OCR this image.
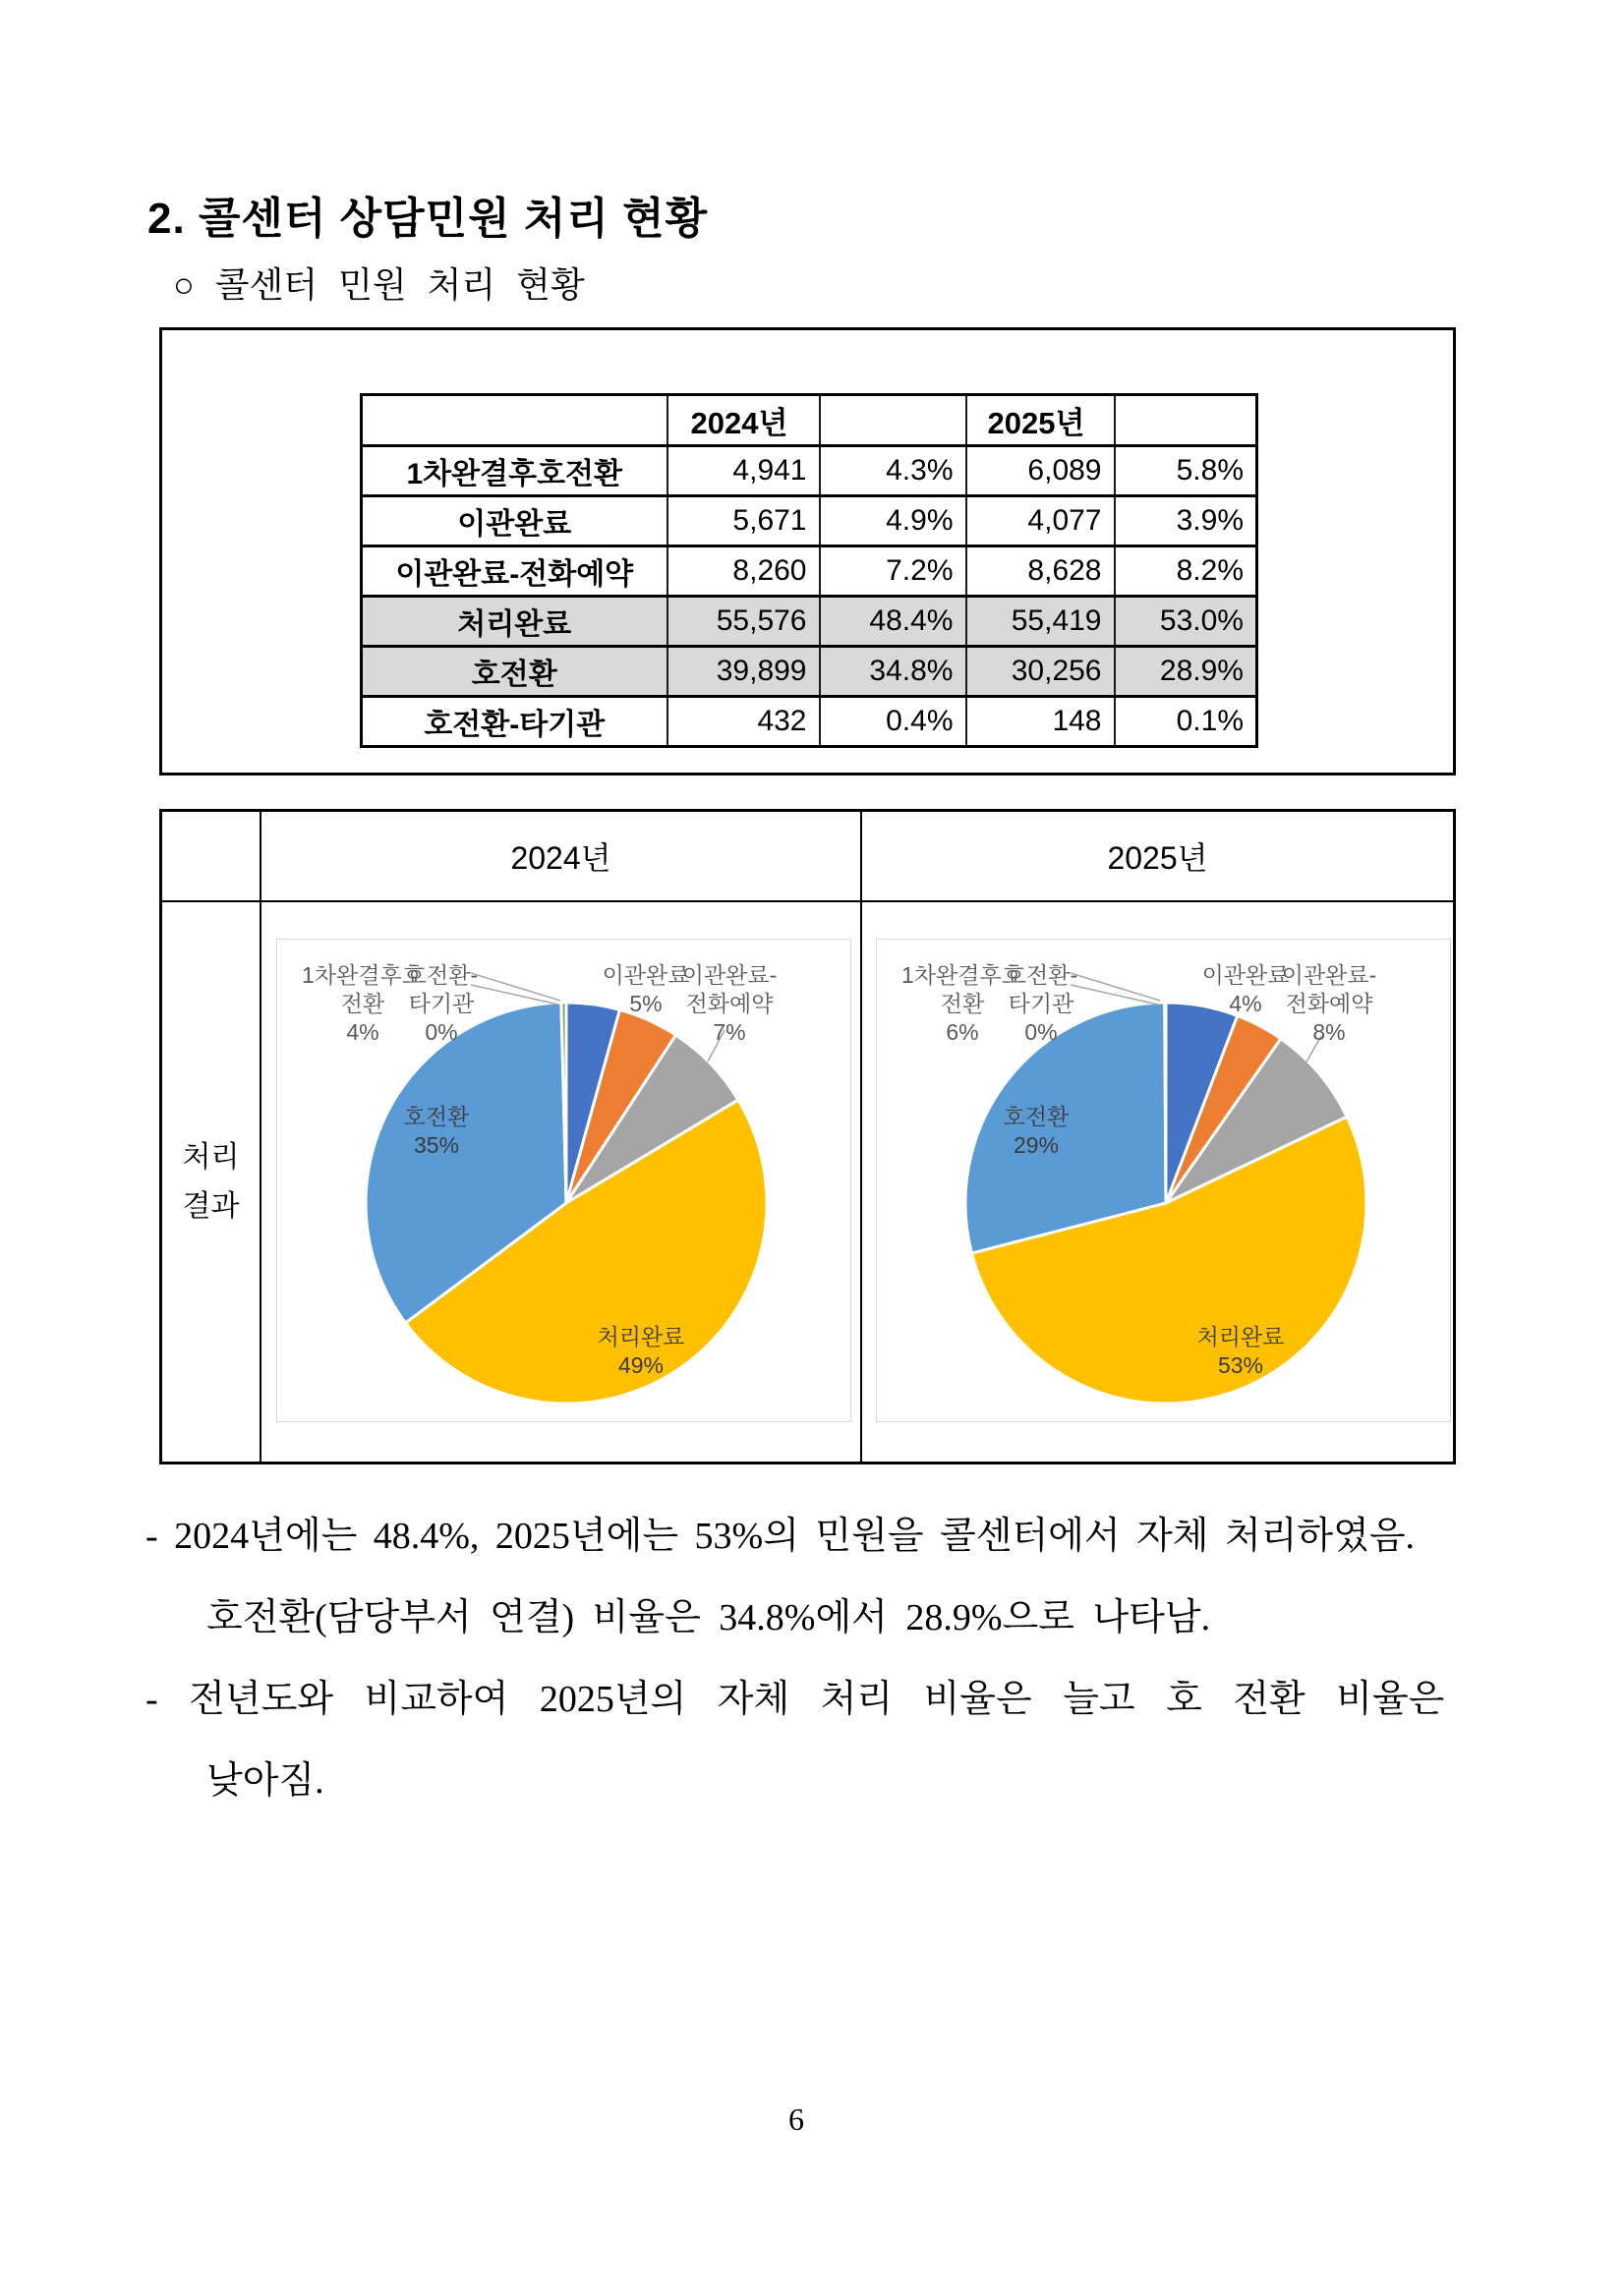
2. 콜센터 상담민원 처리 현황
○ 콜센터 민원 처리 현황
	2024년		2025년	
1차완결후호전환	4,941	4.3%	6,089	5.8%
이관완료	5,671	4.9%	4,077	3.9%
이관완료-전화예약	8,260	7.2%	8,628	8.2%
처리완료	55,576	48.4%	55,419	53.0%
호전환	39,899	34.8%	30,256	28.9%
호전환-타기관	432	0.4%	148	0.1%
2024년	2025년
처리
결과
1차완결후호
전환
4%
호전환-
타기관
0%
이관완료
5%
이관완료-
전화예약
7%
호전환
35%
처리완료
49%
1차완결후호
전환
6%
호전환-
타기관
0%
이관완료
4%
이관완료-
전화예약
8%
호전환
29%
처리완료
53%
- 2024년에는 48.4%, 2025년에는 53%의 민원을 콜센터에서 자체 처리하였음.
호전환(담당부서 연결) 비율은 34.8%에서 28.9%으로 나타남.
- 전년도와 비교하여 2025년의 자체 처리 비율은 늘고 호 전환 비율은
낮아짐.
6
